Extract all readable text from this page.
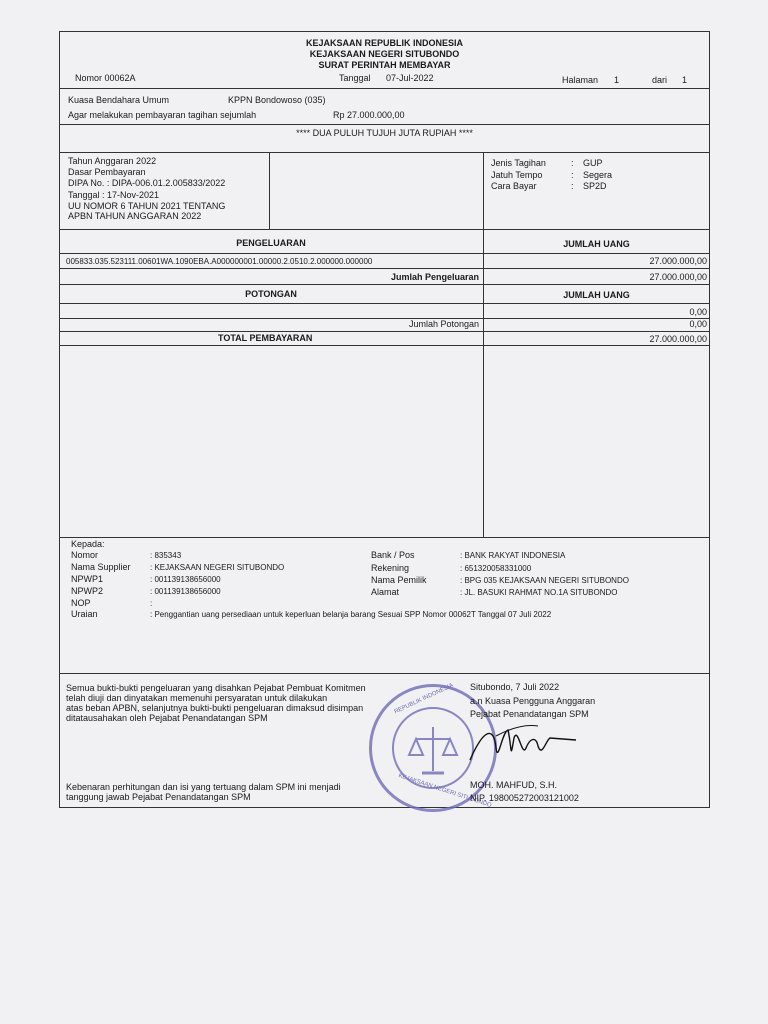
KEJAKSAAN REPUBLIK INDONESIA
KEJAKSAAN NEGERI SITUBONDO
SURAT PERINTAH MEMBAYAR
Nomor 00062A	Tanggal 07-Jul-2022	Halaman 1	dari 1
Kuasa Bendahara Umum	KPPN Bondowoso (035)
Agar melakukan pembayaran tagihan sejumlah	Rp 27.000.000,00
**** DUA PULUH TUJUH JUTA RUPIAH ****
Tahun Anggaran 2022
Dasar Pembayaran
DIPA No. : DIPA-006.01.2.005833/2022
Tanggal : 17-Nov-2021
UU NOMOR 6 TAHUN 2021 TENTANG
APBN TAHUN ANGGARAN 2022
Jenis Tagihan	: GUP
Jatuh Tempo	: Segera
Cara Bayar	: SP2D
PENGELUARAN	JUMLAH UANG
005833.035.523111.00601WA.1090EBA.A000000001.00000.2.0510.2.000000.000000	27.000.000,00
Jumlah Pengeluaran	27.000.000,00
POTONGAN	JUMLAH UANG
0,00
Jumlah Potongan	0,00
TOTAL PEMBAYARAN	27.000.000,00
Kepada:
Nomor	: 835343
Nama Supplier : KEJAKSAAN NEGERI SITUBONDO
NPWP1	: 001139138656000
NPWP2	: 001139138656000
NOP	:
Uraian	: Penggantian uang persediaan untuk keperluan belanja barang Sesuai SPP Nomor 00062T Tanggal 07 Juli 2022
Bank / Pos	: BANK RAKYAT INDONESIA
Rekening	: 651320058331000
Nama Pemilik	: BPG 035 KEJAKSAAN NEGERI SITUBONDO
Alamat	: JL. BASUKI RAHMAT NO.1A SITUBONDO
Semua bukti-bukti pengeluaran yang disahkan Pejabat Pembuat Komitmen
telah diuji dan dinyatakan memenuhi persyaratan untuk dilakukan
atas beban APBN, selanjutnya bukti-bukti pengeluaran dimaksud disimpan
ditatausahakan oleh Pejabat Penandatangan SPM
Kebenaran perhitungan dan isi yang tertuang dalam SPM ini menjadi
tanggung jawab Pejabat Penandatangan SPM
REPUBLIK INDONESIA
KEJAKSAAN NEGERI SITUBONDO
Situbondo, 7 Juli 2022
a.n Kuasa Pengguna Anggaran
Pejabat Penandatangan SPM
MOH. MAHFUD, S.H.
NIP. 198005272003121002
